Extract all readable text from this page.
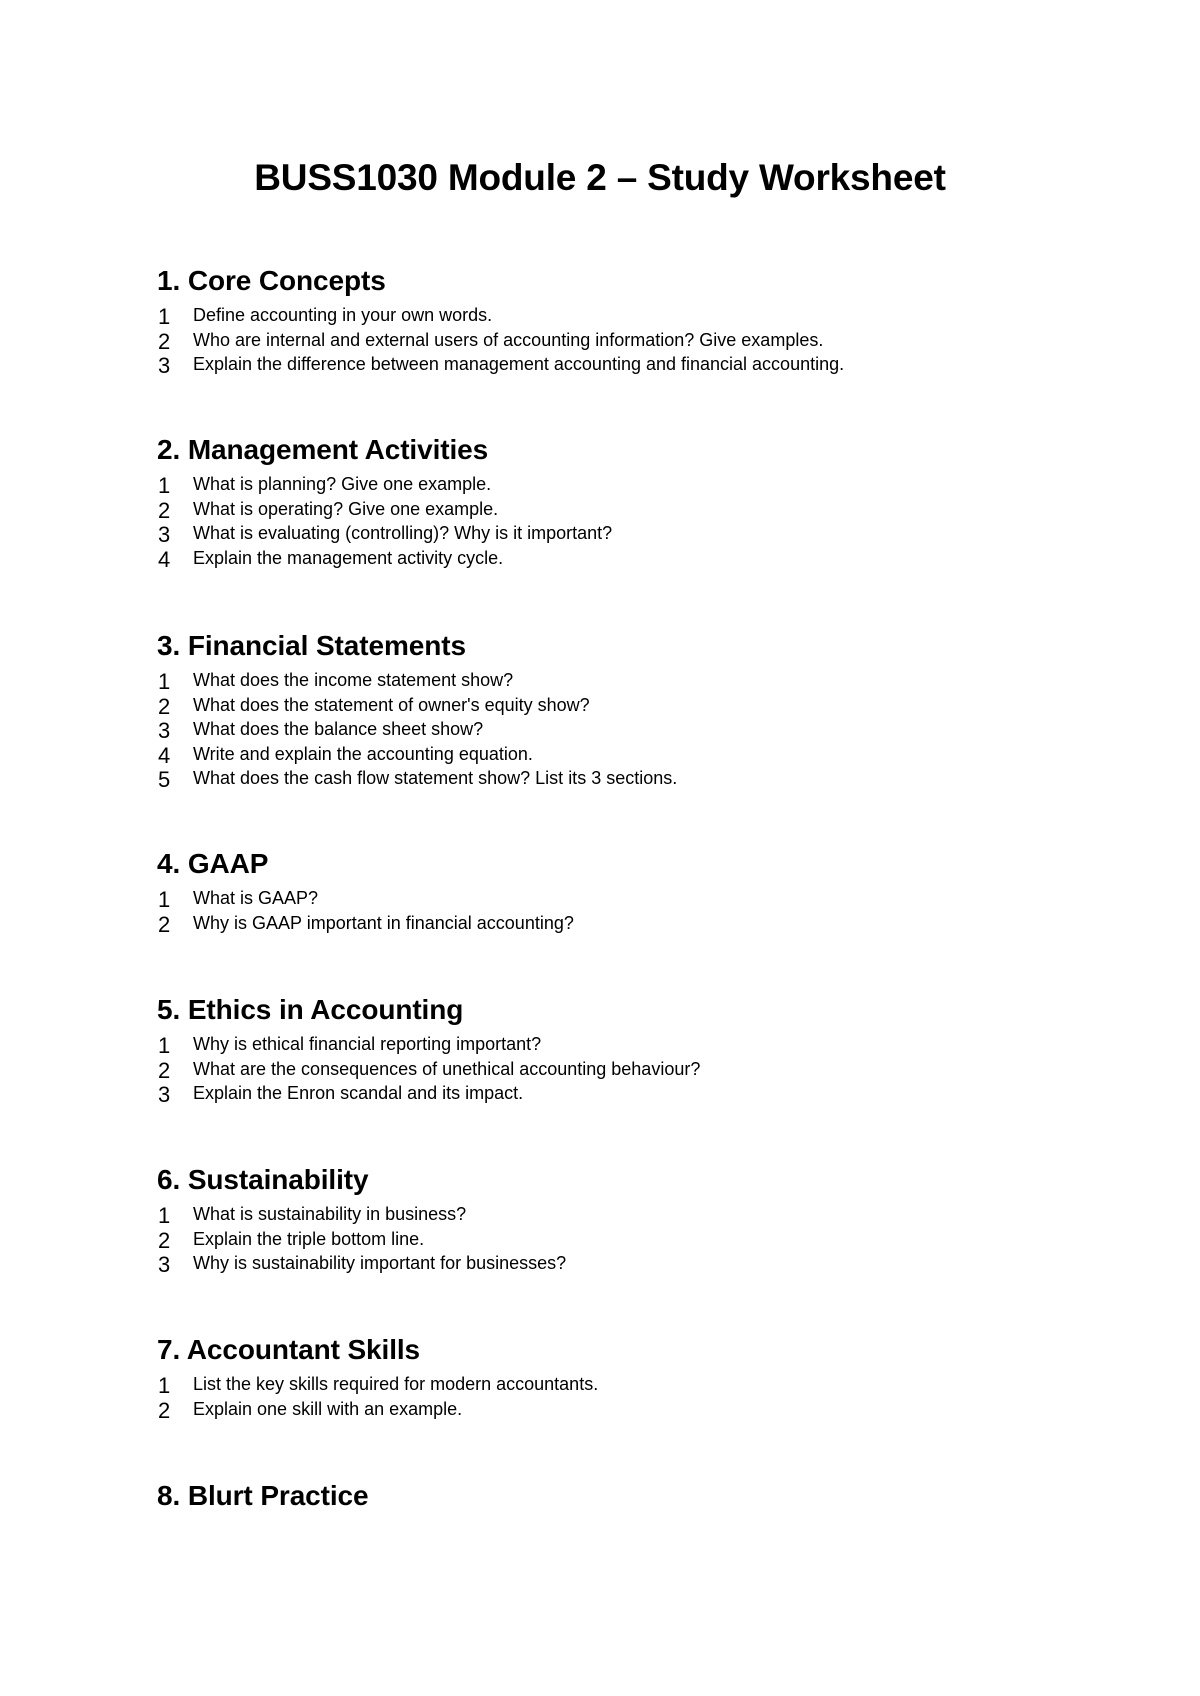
BUSS1030 Module 2 – Study Worksheet
1. Core Concepts
1 Define accounting in your own words.
2 Who are internal and external users of accounting information? Give examples.
3 Explain the difference between management accounting and financial accounting.
2. Management Activities
1 What is planning? Give one example.
2 What is operating? Give one example.
3 What is evaluating (controlling)? Why is it important?
4 Explain the management activity cycle.
3. Financial Statements
1 What does the income statement show?
2 What does the statement of owner's equity show?
3 What does the balance sheet show?
4 Write and explain the accounting equation.
5 What does the cash flow statement show? List its 3 sections.
4. GAAP
1 What is GAAP?
2 Why is GAAP important in financial accounting?
5. Ethics in Accounting
1 Why is ethical financial reporting important?
2 What are the consequences of unethical accounting behaviour?
3 Explain the Enron scandal and its impact.
6. Sustainability
1 What is sustainability in business?
2 Explain the triple bottom line.
3 Why is sustainability important for businesses?
7. Accountant Skills
1 List the key skills required for modern accountants.
2 Explain one skill with an example.
8. Blurt Practice
